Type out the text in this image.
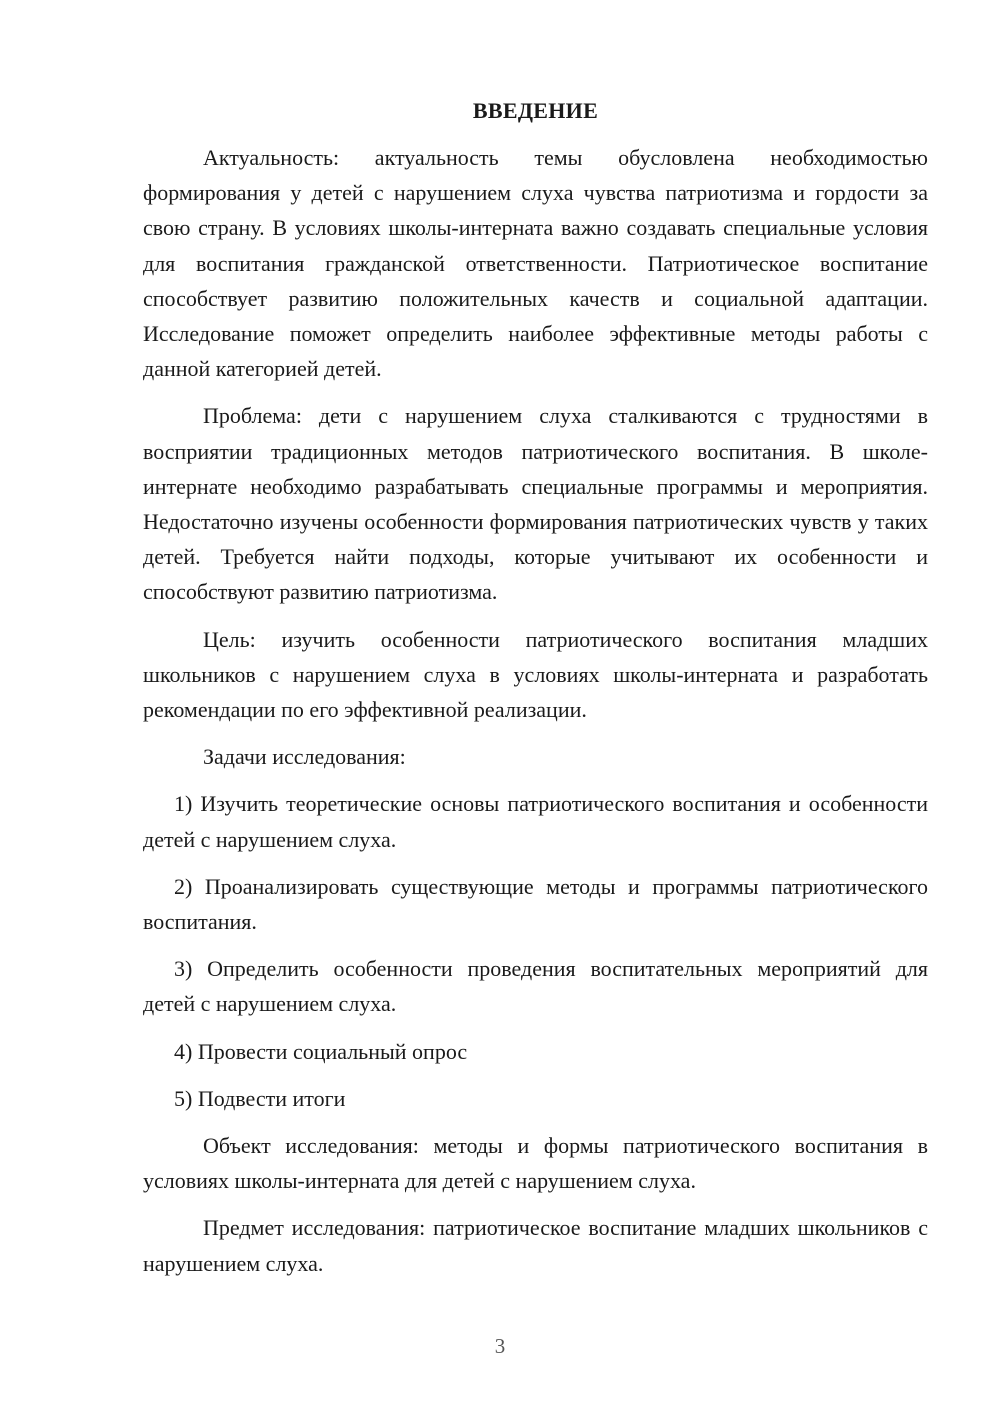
ВВЕДЕНИЕ

Актуальность: актуальность темы обусловлена необходимостью формирования у детей с нарушением слуха чувства патриотизма и гордости за свою страну. В условиях школы-интерната важно создавать специальные условия для воспитания гражданской ответственности. Патриотическое воспитание способствует развитию положительных качеств и социальной адаптации. Исследование поможет определить наиболее эффективные методы работы с данной категорией детей.

Проблема: дети с нарушением слуха сталкиваются с трудностями в восприятии традиционных методов патриотического воспитания. В школе-интернате необходимо разрабатывать специальные программы и мероприятия. Недостаточно изучены особенности формирования патриотических чувств у таких детей. Требуется найти подходы, которые учитывают их особенности и способствуют развитию патриотизма.

Цель: изучить особенности патриотического воспитания младших школьников с нарушением слуха в условиях школы-интерната и разработать рекомендации по его эффективной реализации.

Задачи исследования:

1) Изучить теоретические основы патриотического воспитания и особенности детей с нарушением слуха.

2) Проанализировать существующие методы и программы патриотического воспитания.

3) Определить особенности проведения воспитательных мероприятий для детей с нарушением слуха.

4) Провести социальный опрос

5) Подвести итоги

Объект исследования: методы и формы патриотического воспитания в условиях школы-интерната для детей с нарушением слуха.

Предмет исследования: патриотическое воспитание младших школьников с нарушением слуха.

3
